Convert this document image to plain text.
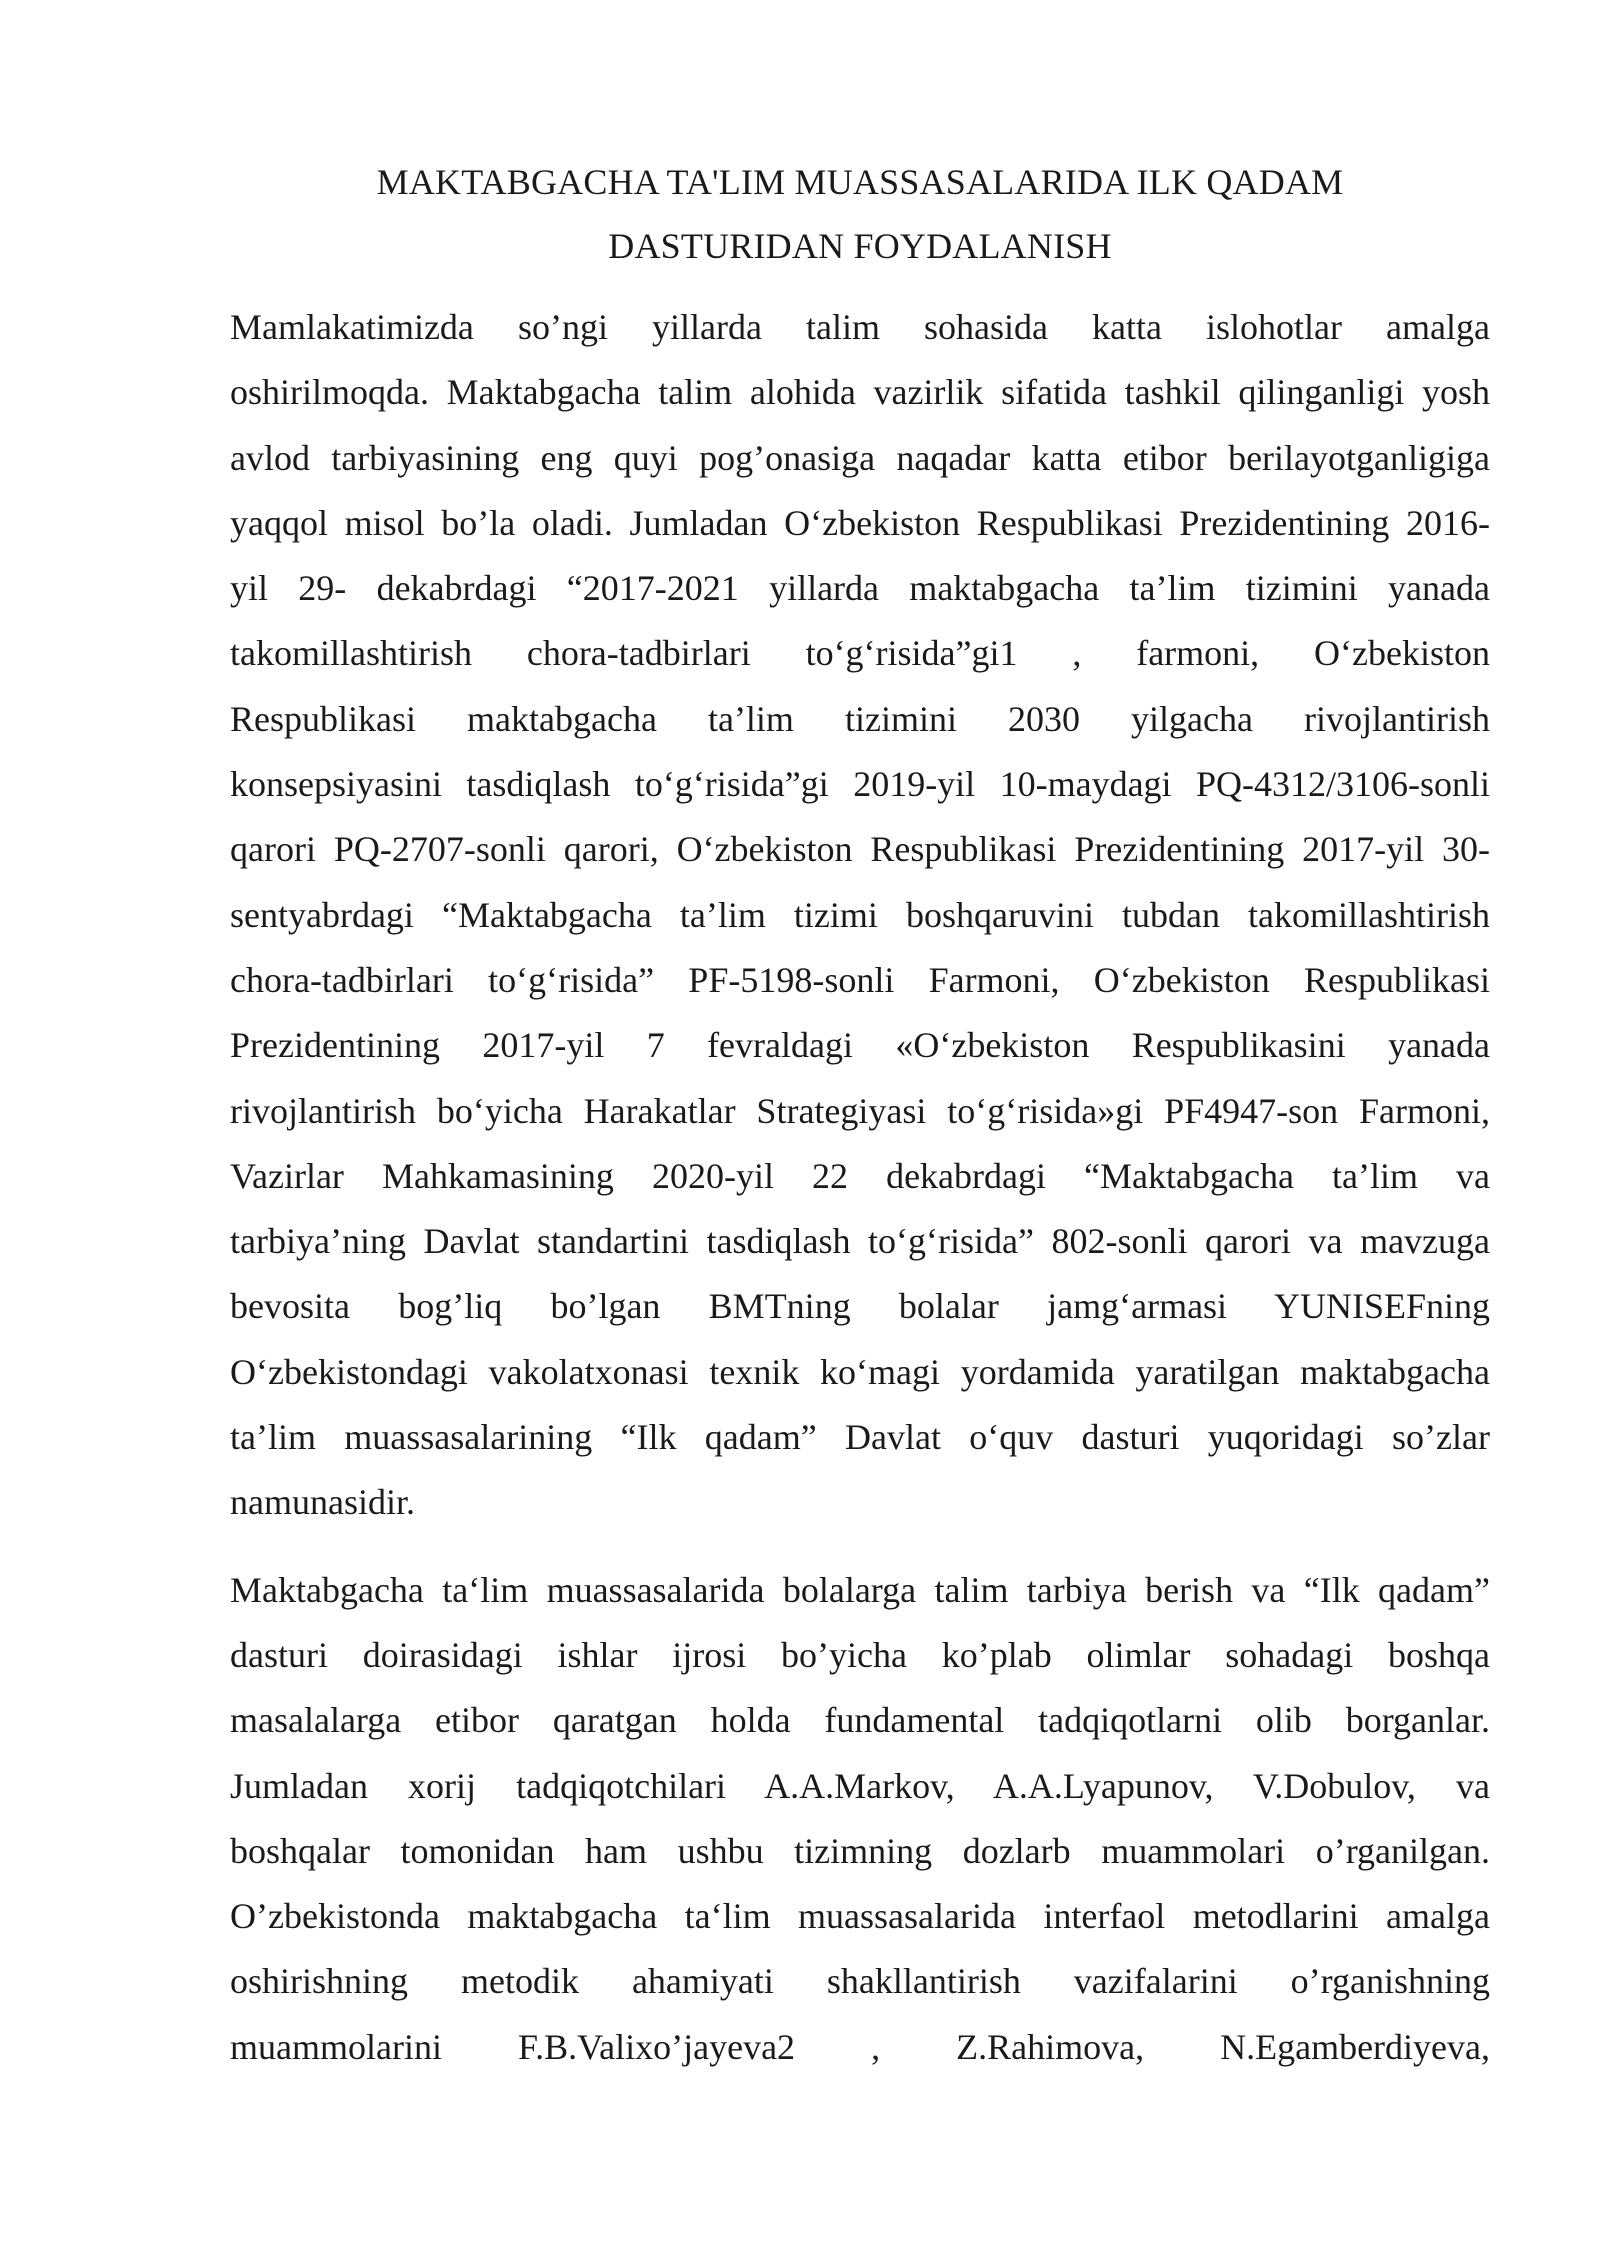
MAKTABGACHA TA'LIM MUASSASALARIDA ILK QADAM
DASTURIDAN FOYDALANISH

Mamlakatimizda so’ngi yillarda talim sohasida katta islohotlar amalga
oshirilmoqda. Maktabgacha talim alohida vazirlik sifatida tashkil qilinganligi yosh
avlod tarbiyasining eng quyi pog’onasiga naqadar katta etibor berilayotganligiga
yaqqol misol bo’la oladi. Jumladan O‘zbekiston Respublikasi Prezidentining 2016-
yil 29- dekabrdagi “2017-2021 yillarda maktabgacha ta’lim tizimini yanada
takomillashtirish chora-tadbirlari to‘g‘risida”gi1 , farmoni, O‘zbekiston
Respublikasi maktabgacha ta’lim tizimini 2030 yilgacha rivojlantirish
konsepsiyasini tasdiqlash to‘g‘risida”gi 2019-yil 10-maydagi PQ-4312/3106-sonli
qarori PQ-2707-sonli qarori, O‘zbekiston Respublikasi Prezidentining 2017-yil 30-
sentyabrdagi “Maktabgacha ta’lim tizimi boshqaruvini tubdan takomillashtirish
chora-tadbirlari to‘g‘risida” PF-5198-sonli Farmoni, O‘zbekiston Respublikasi
Prezidentining 2017-yil 7 fevraldagi «O‘zbekiston Respublikasini yanada
rivojlantirish bo‘yicha Harakatlar Strategiyasi to‘g‘risida»gi PF4947-son Farmoni,
Vazirlar Mahkamasining 2020-yil 22 dekabrdagi “Maktabgacha ta’lim va
tarbiya’ning Davlat standartini tasdiqlash to‘g‘risida” 802-sonli qarori va mavzuga
bevosita bog’liq bo’lgan BMTning bolalar jamg‘armasi YUNISEFning
O‘zbekistondagi vakolatxonasi texnik ko‘magi yordamida yaratilgan maktabgacha
ta’lim muassasalarining “Ilk qadam” Davlat o‘quv dasturi yuqoridagi so’zlar
namunasidir.

Maktabgacha ta‘lim muassasalarida bolalarga talim tarbiya berish va “Ilk qadam”
dasturi doirasidagi ishlar ijrosi bo’yicha ko’plab olimlar sohadagi boshqa
masalalarga etibor qaratgan holda fundamental tadqiqotlarni olib borganlar.
Jumladan xorij tadqiqotchilari A.A.Markov, A.A.Lyapunov, V.Dobulov, va
boshqalar tomonidan ham ushbu tizimning dozlarb muammolari o’rganilgan.
O’zbekistonda maktabgacha ta‘lim muassasalarida interfaol metodlarini amalga
oshirishning metodik ahamiyati shakllantirish vazifalarini o’rganishning
muammolarini F.B.Valixo’jayeva2 , Z.Rahimova, N.Egamberdiyeva,
